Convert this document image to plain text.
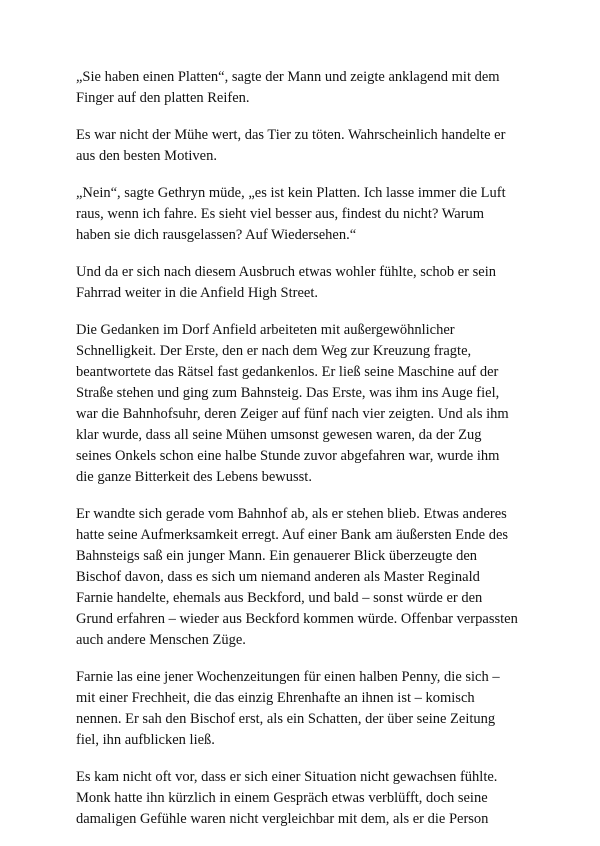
„Sie haben einen Platten“, sagte der Mann und zeigte anklagend mit dem
Finger auf den platten Reifen.

Es war nicht der Mühe wert, das Tier zu töten. Wahrscheinlich handelte er
aus den besten Motiven.

„Nein“, sagte Gethryn müde, „es ist kein Platten. Ich lasse immer die Luft
raus, wenn ich fahre. Es sieht viel besser aus, findest du nicht? Warum
haben sie dich rausgelassen? Auf Wiedersehen.“

Und da er sich nach diesem Ausbruch etwas wohler fühlte, schob er sein
Fahrrad weiter in die Anfield High Street.

Die Gedanken im Dorf Anfield arbeiteten mit außergewöhnlicher
Schnelligkeit. Der Erste, den er nach dem Weg zur Kreuzung fragte,
beantwortete das Rätsel fast gedankenlos. Er ließ seine Maschine auf der
Straße stehen und ging zum Bahnsteig. Das Erste, was ihm ins Auge fiel,
war die Bahnhofsuhr, deren Zeiger auf fünf nach vier zeigten. Und als ihm
klar wurde, dass all seine Mühen umsonst gewesen waren, da der Zug
seines Onkels schon eine halbe Stunde zuvor abgefahren war, wurde ihm
die ganze Bitterkeit des Lebens bewusst.

Er wandte sich gerade vom Bahnhof ab, als er stehen blieb. Etwas anderes
hatte seine Aufmerksamkeit erregt. Auf einer Bank am äußersten Ende des
Bahnsteigs saß ein junger Mann. Ein genauerer Blick überzeugte den
Bischof davon, dass es sich um niemand anderen als Master Reginald
Farnie handelte, ehemals aus Beckford, und bald – sonst würde er den
Grund erfahren – wieder aus Beckford kommen würde. Offenbar verpassten
auch andere Menschen Züge.

Farnie las eine jener Wochenzeitungen für einen halben Penny, die sich –
mit einer Frechheit, die das einzig Ehrenhafte an ihnen ist – komisch
nennen. Er sah den Bischof erst, als ein Schatten, der über seine Zeitung
fiel, ihn aufblicken ließ.

Es kam nicht oft vor, dass er sich einer Situation nicht gewachsen fühlte.
Monk hatte ihn kürzlich in einem Gespräch etwas verblüfft, doch seine
damaligen Gefühle waren nicht vergleichbar mit dem, als er die Person
